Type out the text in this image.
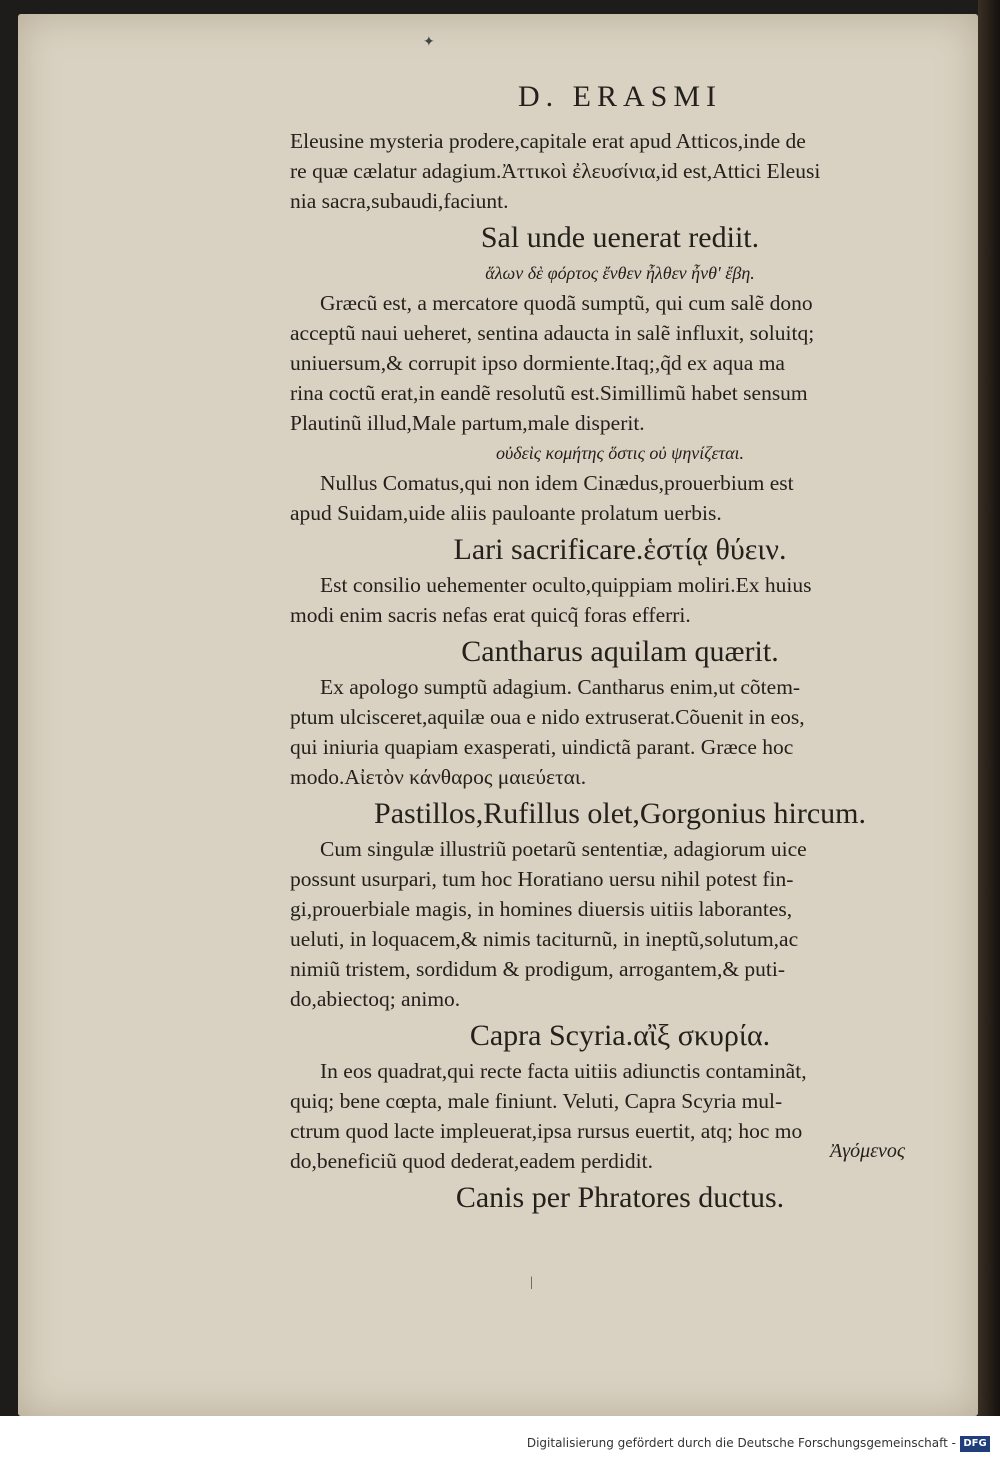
✦
|
D. ERASMI
Eleusine mysteria prodere,capitale erat apud Atticos,inde de
re quæ cælatur adagium.Ἀττικοὶ ἐλευσίνια,id est,Attici Eleusi
nia sacra,subaudi,faciunt.
Sal unde uenerat rediit.
ἅλων δὲ φόρτος ἔνθεν ἦλθεν ἦνθ' ἔβη.
Græcũ est, a mercatore quodã sumptũ, qui cum salẽ dono
acceptũ naui ueheret, sentina adaucta in salẽ influxit, soluitq;
uniuersum,& corrupit ipso dormiente.Itaq;,q̃d ex aqua ma
rina coctũ erat,in eandẽ resolutũ est.Simillimũ habet sensum
Plautinũ illud,Male partum,male disperit.
οὐδεὶς κομήτης ὅστις οὐ ψηνίζεται.
Nullus Comatus,qui non idem Cinædus,prouerbium est
apud Suidam,uide aliis pauloante prolatum uerbis.
Lari sacrificare.ἑστίᾳ θύειν.
Est consilio uehementer oculto,quippiam moliri.Ex huius
modi enim sacris nefas erat quicq̃ foras efferri.
Cantharus aquilam quærit.
Ex apologo sumptũ adagium. Cantharus enim,ut cõtem-
ptum ulcisceret,aquilæ oua e nido extruserat.Cõuenit in eos,
qui iniuria quapiam exasperati, uindictã parant. Græce hoc
modo.Αἰετὸν κάνθαρος μαιεύεται.
Pastillos,Rufillus olet,Gorgonius hircum.
Cum singulæ illustriũ poetarũ sententiæ, adagiorum uice
possunt usurpari, tum hoc Horatiano uersu nihil potest fin-
gi,prouerbiale magis, in homines diuersis uitiis laborantes,
ueluti, in loquacem,& nimis taciturnũ, in ineptũ,solutum,ac
nimiũ tristem, sordidum & prodigum, arrogantem,& puti-
do,abiectoq; animo.
Capra Scyria.αἲξ σκυρία.
In eos quadrat,qui recte facta uitiis adiunctis contaminãt,
quiq; bene cœpta, male finiunt. Veluti, Capra Scyria mul-
ctrum quod lacte impleuerat,ipsa rursus euertit, atq; hoc mo
do,beneficiũ quod dederat,eadem perdidit.
Canis per Phratores ductus.
Ἀγόμενος
Digitalisierung gefördert durch die Deutsche Forschungsgemeinschaft - DFG
